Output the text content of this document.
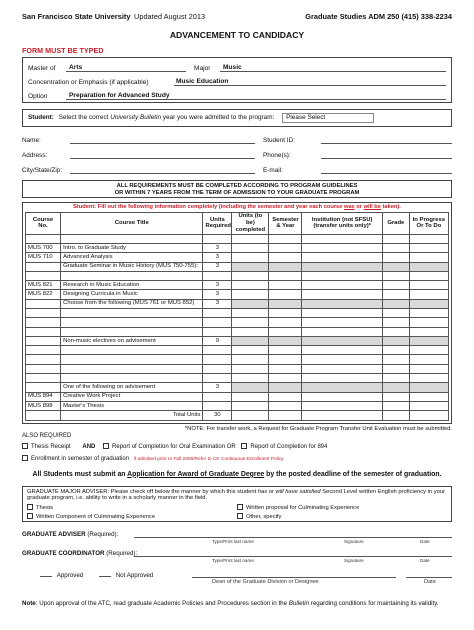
San Francisco State University Updated August 2013	Graduate Studies ADM 250 (415) 338-2234
ADVANCEMENT TO CANDIDACY
FORM MUST BE TYPED
Master of	Arts	Major	Music
Concentration or Emphasis (if applicable)	Music Education
Option	Preparation for Advanced Study
Student: Select the correct University Bulletin year you were admitted to the program: Please Select
Name:	Student ID:
Address:	Phone(s):
City/State/Zip:	E-mail:
ALL REQUIREMENTS MUST BE COMPLETED ACCORDING TO PROGRAM GUIDELINES
OR WITHIN 7 YEARS FROM THE TERM OF ADMISSION TO YOUR GRADUATE PROGRAM
Student: Fill out the following information completely (including the semester and year each course was or will be taken).
Course No.	Course Title	Units Required	Units (to be) completed	Semester & Year	Institution (not SFSU) (transfer units only)*	Grade	In Progress Or To Do

MUS 700	Intro. to Graduate Study	3					
MUS 710	Advanced Analysis	3					
	Graduate Seminar in Music History (MUS 750-755):	3					

MUS 821	Research in Music Education	3					
MUS 822	Designing Curricula in Music	3					
	Choose from the following (MUS 761 or MUS 852)	3					

	Non-music electives on advisement	9					

	One of the following on advisement	3					
MUS 894	Creative Work Project						
MUS 898	Master's Thesis						
	Total Units	30					
*NOTE: For transfer work, a Request for Graduate Program Transfer Unit Evaluation must be submitted.
ALSO REQUIRED
Thesis Receipt AND	Report of Completion for Oral Examination OR Report of Completion for 894
Enrollment in semester of graduation if admitted prior to Fall 2008/Refer to CE Continuous Enrollment Policy
All Students must submit an Application for Award of Graduate Degree by the posted deadline of the semester of graduation.
GRADUATE MAJOR ADVISER: Please check off below the manner by which this student has or will have satisfied Second Level written English proficiency in your graduate program, i.e. ability to write in a scholarly manner in the field.
Thesis	Written proposal for Culminating Experience
Written Component of Culminating Experience	Other, specify
GRADUATE ADVISER (Required):
Type/Print last name	Signature	Date
GRADUATE COORDINATOR (Required):
Type/Print last name	Signature	Date
Approved	Not Approved
Dean of the Graduate Division or Designee	Date
Note: Upon approval of the ATC, read graduate Academic Policies and Procedures section in the Bulletin regarding conditions for maintaining its validity.
